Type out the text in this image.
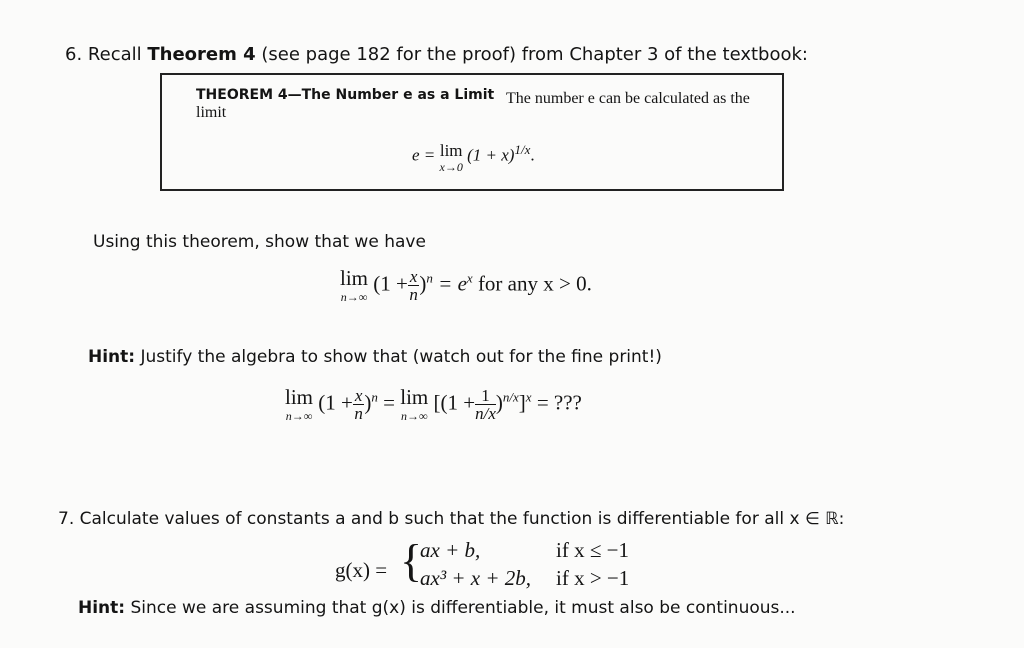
6. Recall Theorem 4 (see page 182 for the proof) from Chapter 3 of the textbook:
THEOREM 4—The Number e as a Limit The number e can be calculated as the
limit
e = lim
x→0
$(1 + x)^{1/x}$.
Using this theorem, show that we have
lim
n→∞
$(1 + \frac{x}{n} )^n = e^x$ for any x > 0.
Hint: Justify the algebra to show that (watch out for the fine print!)
lim
n→∞
$(1 + \frac{x}{n} )^n = \lim$
n→∞
$[(1 + \frac{1}{n/x} )^{n/x}]^x$ = ???
7. Calculate values of constants a and b such that the function is differentiable for all x ∈ ℝ:
g(x) = {
ax + b,	if x ≤ −1
ax³ + x + 2b, if x > −1
Hint: Since we are assuming that g(x) is differentiable, it must also be continuous...
